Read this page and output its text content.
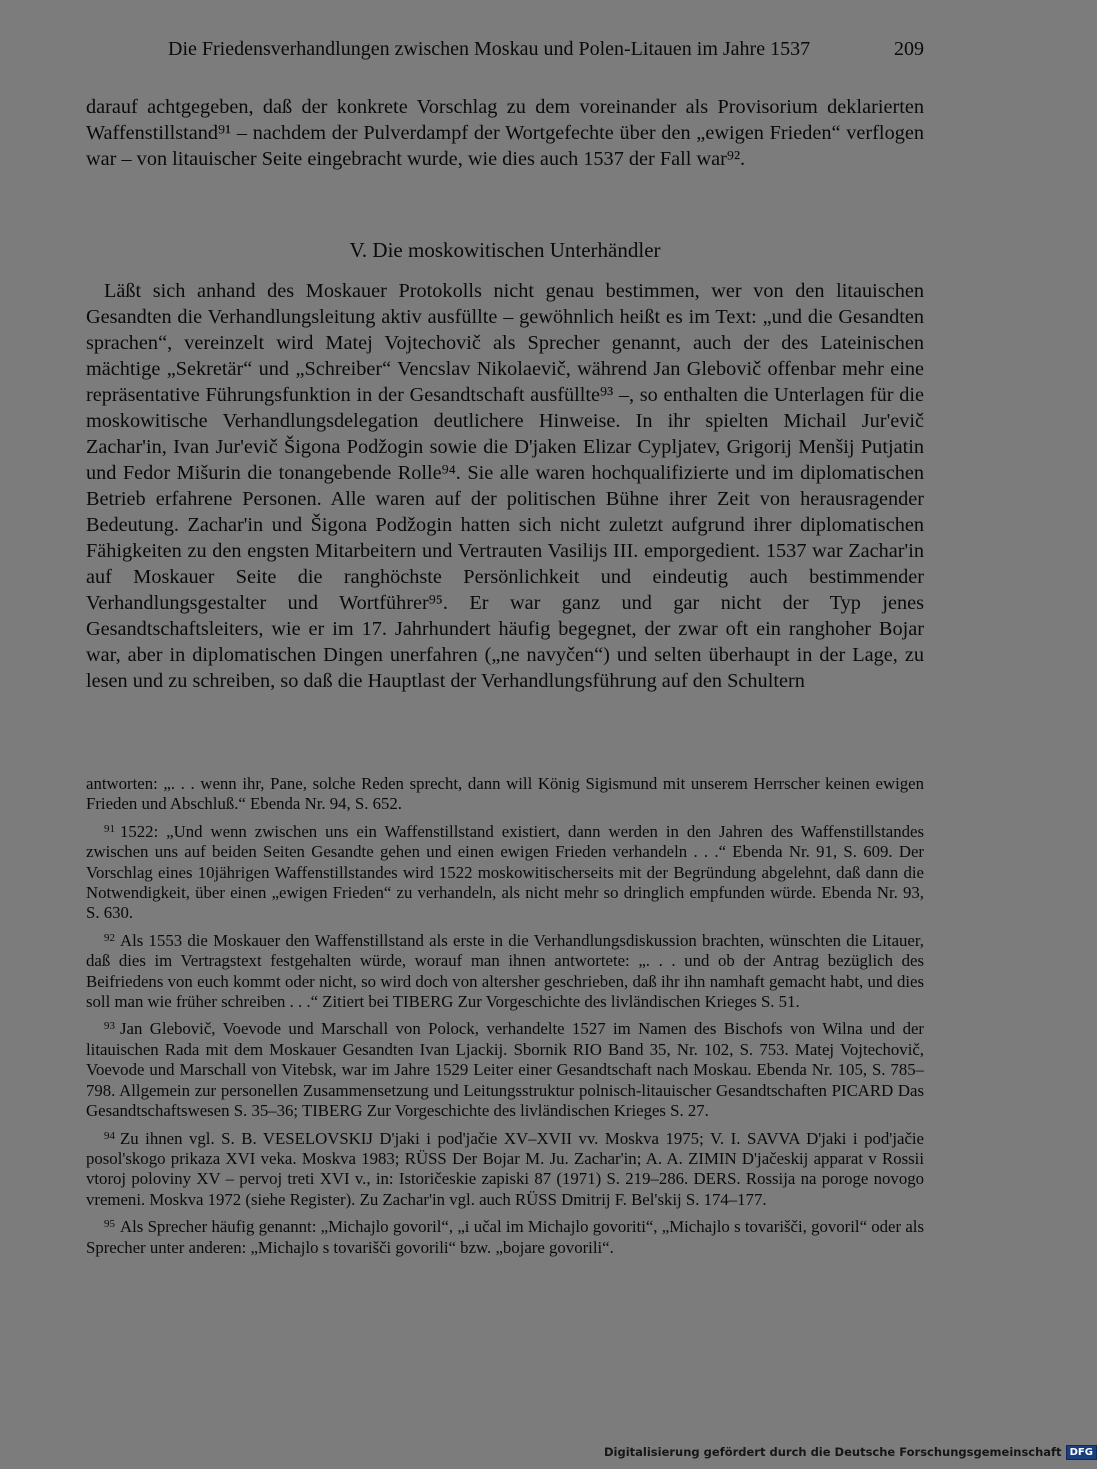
Die Friedensverhandlungen zwischen Moskau und Polen-Litauen im Jahre 1537	209

darauf achtgegeben, daß der konkrete Vorschlag zu dem voreinander als Provisorium deklarierten Waffenstillstand⁹¹ – nachdem der Pulverdampf der Wortgefechte über den „ewigen Frieden“ verflogen war – von litauischer Seite eingebracht wurde, wie dies auch 1537 der Fall war⁹².

V. Die moskowitischen Unterhändler

Läßt sich anhand des Moskauer Protokolls nicht genau bestimmen, wer von den litauischen Gesandten die Verhandlungsleitung aktiv ausfüllte – gewöhnlich heißt es im Text: „und die Gesandten sprachen“, vereinzelt wird Matej Vojtechovič als Sprecher genannt, auch der des Lateinischen mächtige „Sekretär“ und „Schreiber“ Vencslav Nikolaevič, während Jan Glebovič offenbar mehr eine repräsentative Führungsfunktion in der Gesandtschaft ausfüllte⁹³ –, so enthalten die Unterlagen für die moskowitische Verhandlungsdelegation deutlichere Hinweise. In ihr spielten Michail Jur'evič Zachar'in, Ivan Jur'evič Šigona Podžogin sowie die D'jaken Elizar Cypljatev, Grigorij Menšij Putjatin und Fedor Mišurin die tonangebende Rolle⁹⁴. Sie alle waren hochqualifizierte und im diplomatischen Betrieb erfahrene Personen. Alle waren auf der politischen Bühne ihrer Zeit von herausragender Bedeutung. Zachar'in und Šigona Podžogin hatten sich nicht zuletzt aufgrund ihrer diplomatischen Fähigkeiten zu den engsten Mitarbeitern und Vertrauten Vasilijs III. emporgedient. 1537 war Zachar'in auf Moskauer Seite die ranghöchste Persönlichkeit und eindeutig auch bestimmender Verhandlungsgestalter und Wortführer⁹⁵. Er war ganz und gar nicht der Typ jenes Gesandtschaftsleiters, wie er im 17. Jahrhundert häufig begegnet, der zwar oft ein ranghoher Bojar war, aber in diplomatischen Dingen unerfahren („ne navyčen“) und selten überhaupt in der Lage, zu lesen und zu schreiben, so daß die Hauptlast der Verhandlungsführung auf den Schultern

antworten: „. . . wenn ihr, Pane, solche Reden sprecht, dann will König Sigismund mit unserem Herrscher keinen ewigen Frieden und Abschluß.“ Ebenda Nr. 94, S. 652.

$^{91}$ 1522: „Und wenn zwischen uns ein Waffenstillstand existiert, dann werden in den Jahren des Waffenstillstandes zwischen uns auf beiden Seiten Gesandte gehen und einen ewigen Frieden verhandeln . . .“ Ebenda Nr. 91, S. 609. Der Vorschlag eines 10jährigen Waffenstillstandes wird 1522 moskowitischerseits mit der Begründung abgelehnt, daß dann die Notwendigkeit, über einen „ewigen Frieden“ zu verhandeln, als nicht mehr so dringlich empfunden würde. Ebenda Nr. 93, S. 630.

$^{92}$ Als 1553 die Moskauer den Waffenstillstand als erste in die Verhandlungsdiskussion brachten, wünschten die Litauer, daß dies im Vertragstext festgehalten würde, worauf man ihnen antwortete: „. . . und ob der Antrag bezüglich des Beifriedens von euch kommt oder nicht, so wird doch von altersher geschrieben, daß ihr ihn namhaft gemacht habt, und dies soll man wie früher schreiben . . .“ Zitiert bei TIBERG Zur Vorgeschichte des livländischen Krieges S. 51.

$^{93}$ Jan Glebovič, Voevode und Marschall von Polock, verhandelte 1527 im Namen des Bischofs von Wilna und der litauischen Rada mit dem Moskauer Gesandten Ivan Ljackij. Sbornik RIO Band 35, Nr. 102, S. 753. Matej Vojtechovič, Voevode und Marschall von Vitebsk, war im Jahre 1529 Leiter einer Gesandtschaft nach Moskau. Ebenda Nr. 105, S. 785–798. Allgemein zur personellen Zusammensetzung und Leitungsstruktur polnisch-litauischer Gesandtschaften PICARD Das Gesandtschaftswesen S. 35–36; TIBERG Zur Vorgeschichte des livländischen Krieges S. 27.

$^{94}$ Zu ihnen vgl. S. B. VESELOVSKIJ D'jaki i pod'jačie XV–XVII vv. Moskva 1975; V. I. SAVVA D'jaki i pod'jačie posol'skogo prikaza XVI veka. Moskva 1983; RÜSS Der Bojar M. Ju. Zachar'in; A. A. ZIMIN D'jačeskij apparat v Rossii vtoroj poloviny XV – pervoj treti XVI v., in: Istoričeskie zapiski 87 (1971) S. 219–286. DERS. Rossija na poroge novogo vremeni. Moskva 1972 (siehe Register). Zu Zachar'in vgl. auch RÜSS Dmitrij F. Bel'skij S. 174–177.

$^{95}$ Als Sprecher häufig genannt: „Michajlo govoril“, „i učal im Michajlo govoriti“, „Michajlo s tovarišči, govoril“ oder als Sprecher unter anderen: „Michajlo s tovarišči govorili“ bzw. „bojare govorili“.

Digitalisierung gefördert durch die Deutsche Forschungsgemeinschaft DFG
